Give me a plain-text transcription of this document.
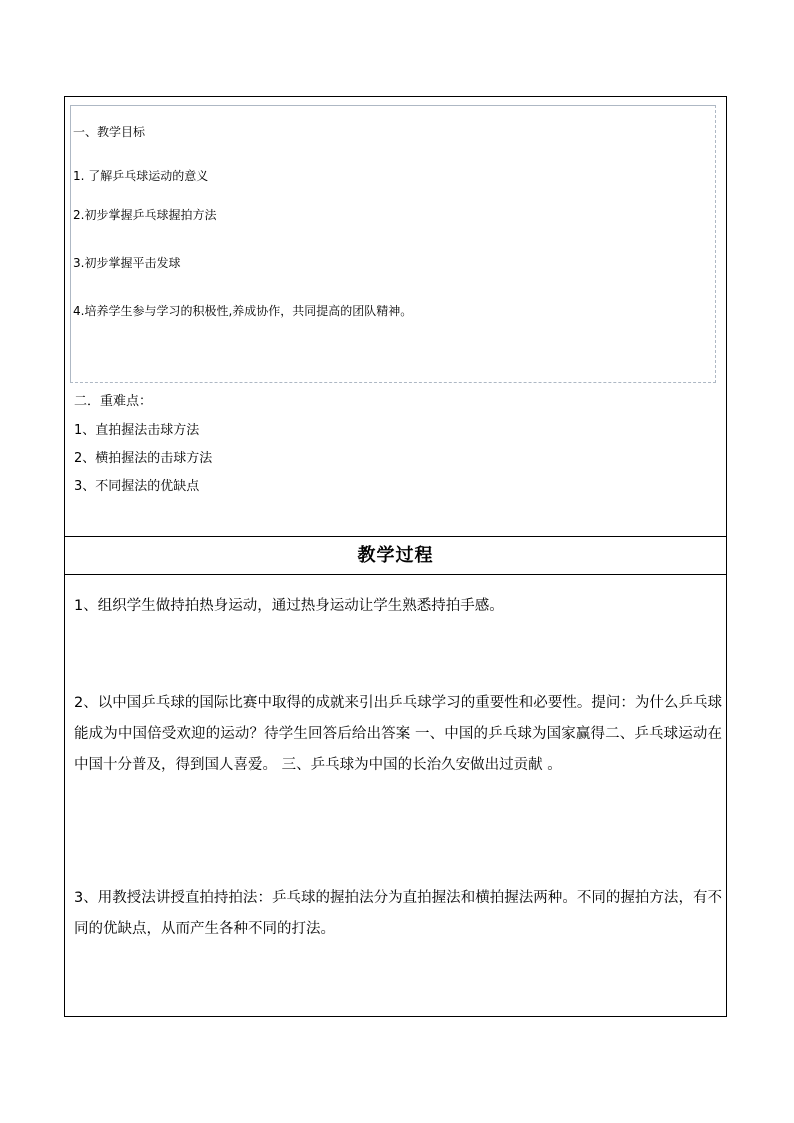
一、教学目标
1. 了解乒乓球运动的意义
2.初步掌握乒乓球握拍方法
3.初步掌握平击发球
4.培养学生参与学习的积极性,养成协作，共同提高的团队精神。
二．重难点：
1、直拍握法击球方法
2、横拍握法的击球方法
3、不同握法的优缺点
教学过程
1、组织学生做持拍热身运动，通过热身运动让学生熟悉持拍手感。
2、以中国乒乓球的国际比赛中取得的成就来引出乒乓球学习的重要性和必要性。提问：为什么乒乓球能成为中国倍受欢迎的运动？待学生回答后给出答案 一、中国的乒乓球为国家赢得二、乒乓球运动在中国十分普及，得到国人喜爱。 三、乒乓球为中国的长治久安做出过贡献 。
3、用教授法讲授直拍持拍法：乒乓球的握拍法分为直拍握法和横拍握法两种。不同的握拍方法，有不同的优缺点，从而产生各种不同的打法。
